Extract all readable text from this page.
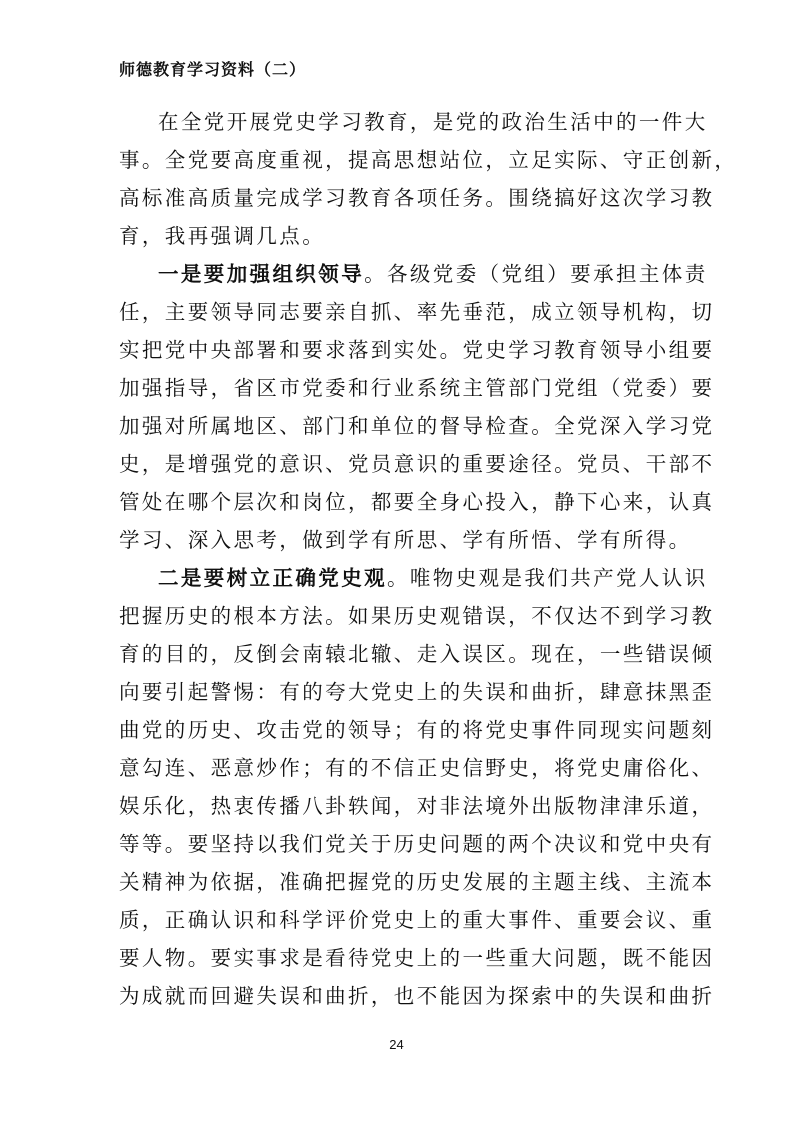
师德教育学习资料（二）
在全党开展党史学习教育，是党的政治生活中的一件大
事。全党要高度重视，提高思想站位，立足实际、守正创新，
高标准高质量完成学习教育各项任务。围绕搞好这次学习教
育，我再强调几点。
一是要加强组织领导。各级党委（党组）要承担主体责
任，主要领导同志要亲自抓、率先垂范，成立领导机构，切
实把党中央部署和要求落到实处。党史学习教育领导小组要
加强指导，省区市党委和行业系统主管部门党组（党委）要
加强对所属地区、部门和单位的督导检查。全党深入学习党
史，是增强党的意识、党员意识的重要途径。党员、干部不
管处在哪个层次和岗位，都要全身心投入，静下心来，认真
学习、深入思考，做到学有所思、学有所悟、学有所得。
二是要树立正确党史观。唯物史观是我们共产党人认识
把握历史的根本方法。如果历史观错误，不仅达不到学习教
育的目的，反倒会南辕北辙、走入误区。现在，一些错误倾
向要引起警惕：有的夸大党史上的失误和曲折，肆意抹黑歪
曲党的历史、攻击党的领导；有的将党史事件同现实问题刻
意勾连、恶意炒作；有的不信正史信野史，将党史庸俗化、
娱乐化，热衷传播八卦轶闻，对非法境外出版物津津乐道，
等等。要坚持以我们党关于历史问题的两个决议和党中央有
关精神为依据，准确把握党的历史发展的主题主线、主流本
质，正确认识和科学评价党史上的重大事件、重要会议、重
要人物。要实事求是看待党史上的一些重大问题，既不能因
为成就而回避失误和曲折，也不能因为探索中的失误和曲折
24
